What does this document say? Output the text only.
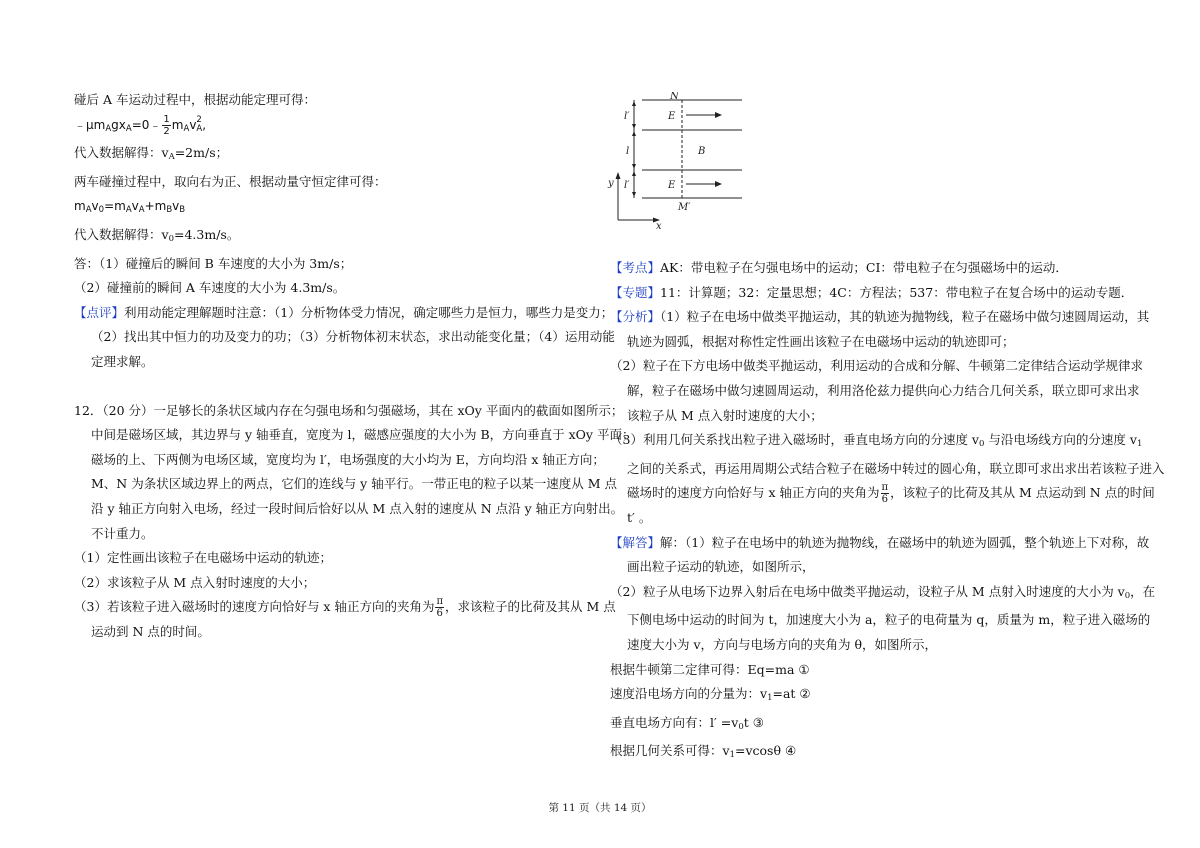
碰后 A 车运动过程中，根据动能定理可得：
$﹣\mu m_Agx_A=0﹣ \frac{1}{2} m_Av$ 2
A ,
代入数据解得：$v_A=2m/s$；
两车碰撞过程中，取向右为正、根据动量守恒定律可得：
$m_Av_0=m_Av_A+m_Bv_B$
代入数据解得：$v_0=4.3m/s$。
答：（1）碰撞后的瞬间 B 车速度的大小为 3m/s；
（2）碰撞前的瞬间 A 车速度的大小为 4.3m/s。
【点评】利用动能定理解题时注意：（1）分析物体受力情况，确定哪些力是恒力，哪些力是变力；
（2）找出其中恒力的功及变力的功；（3）分析物体初末状态，求出动能变化量；（4）运用动能
定理求解。
12．（20 分）一足够长的条状区域内存在匀强电场和匀强磁场，其在 xOy 平面内的截面如图所示；
中间是磁场区域，其边界与 y 轴垂直，宽度为 l，磁感应强度的大小为 B，方向垂直于 xOy 平面；
磁场的上、下两侧为电场区域，宽度均为 l′，电场强度的大小均为 E，方向均沿 x 轴正方向；
M、N 为条状区域边界上的两点，它们的连线与 y 轴平行。一带正电的粒子以某一速度从 M 点
沿 y 轴正方向射入电场，经过一段时间后恰好以从 M 点入射的速度从 N 点沿 y 轴正方向射出。
不计重力。
（1）定性画出该粒子在电磁场中运动的轨迹；
（2）求该粒子从 M 点入射时速度的大小；
（3）若该粒子进入磁场时的速度方向恰好与 x 轴正方向的夹角为 $\frac{\pi}{6}$ ，求该粒子的比荷及其从 M 点
运动到 N 点的时间。
N
M′
l′
l
l′
E
E
B
y
x
【考点】AK：带电粒子在匀强电场中的运动；CI：带电粒子在匀强磁场中的运动．
【专题】11：计算题；32：定量思想；4C：方程法；537：带电粒子在复合场中的运动专题．
【分析】（1）粒子在电场中做类平抛运动，其的轨迹为抛物线，粒子在磁场中做匀速圆周运动，其
轨迹为圆弧，根据对称性定性画出该粒子在电磁场中运动的轨迹即可；
（2）粒子在下方电场中做类平抛运动，利用运动的合成和分解、牛顿第二定律结合运动学规律求
解，粒子在磁场中做匀速圆周运动，利用洛伦兹力提供向心力结合几何关系，联立即可求出求
该粒子从 M 点入射时速度的大小；
（3）利用几何关系找出粒子进入磁场时，垂直电场方向的分速度 $v_0$ 与沿电场线方向的分速度 $v_1$
之间的关系式，再运用周期公式结合粒子在磁场中转过的圆心角，联立即可求出求出若该粒子进入
磁场时的速度方向恰好与 x 轴正方向的夹角为 $\frac{\pi}{6}$ ，该粒子的比荷及其从 M 点运动到 N 点的时间
t′ 。
【解答】解：（1）粒子在电场中的轨迹为抛物线，在磁场中的轨迹为圆弧，整个轨迹上下对称，故
画出粒子运动的轨迹，如图所示，
（2）粒子从电场下边界入射后在电场中做类平抛运动，设粒子从 M 点射入时速度的大小为 $v_0$，在
下侧电场中运动的时间为 t，加速度大小为 a，粒子的电荷量为 q，质量为 m，粒子进入磁场的
速度大小为 v，方向与电场方向的夹角为 θ，如图所示，
根据牛顿第二定律可得：Eq=ma ①
速度沿电场方向的分量为：$v_1=at$ ②
垂直电场方向有：$l' =v_0t$ ③
根据几何关系可得：$v_1=vcos\theta$ ④
第 11 页（共 14 页）
